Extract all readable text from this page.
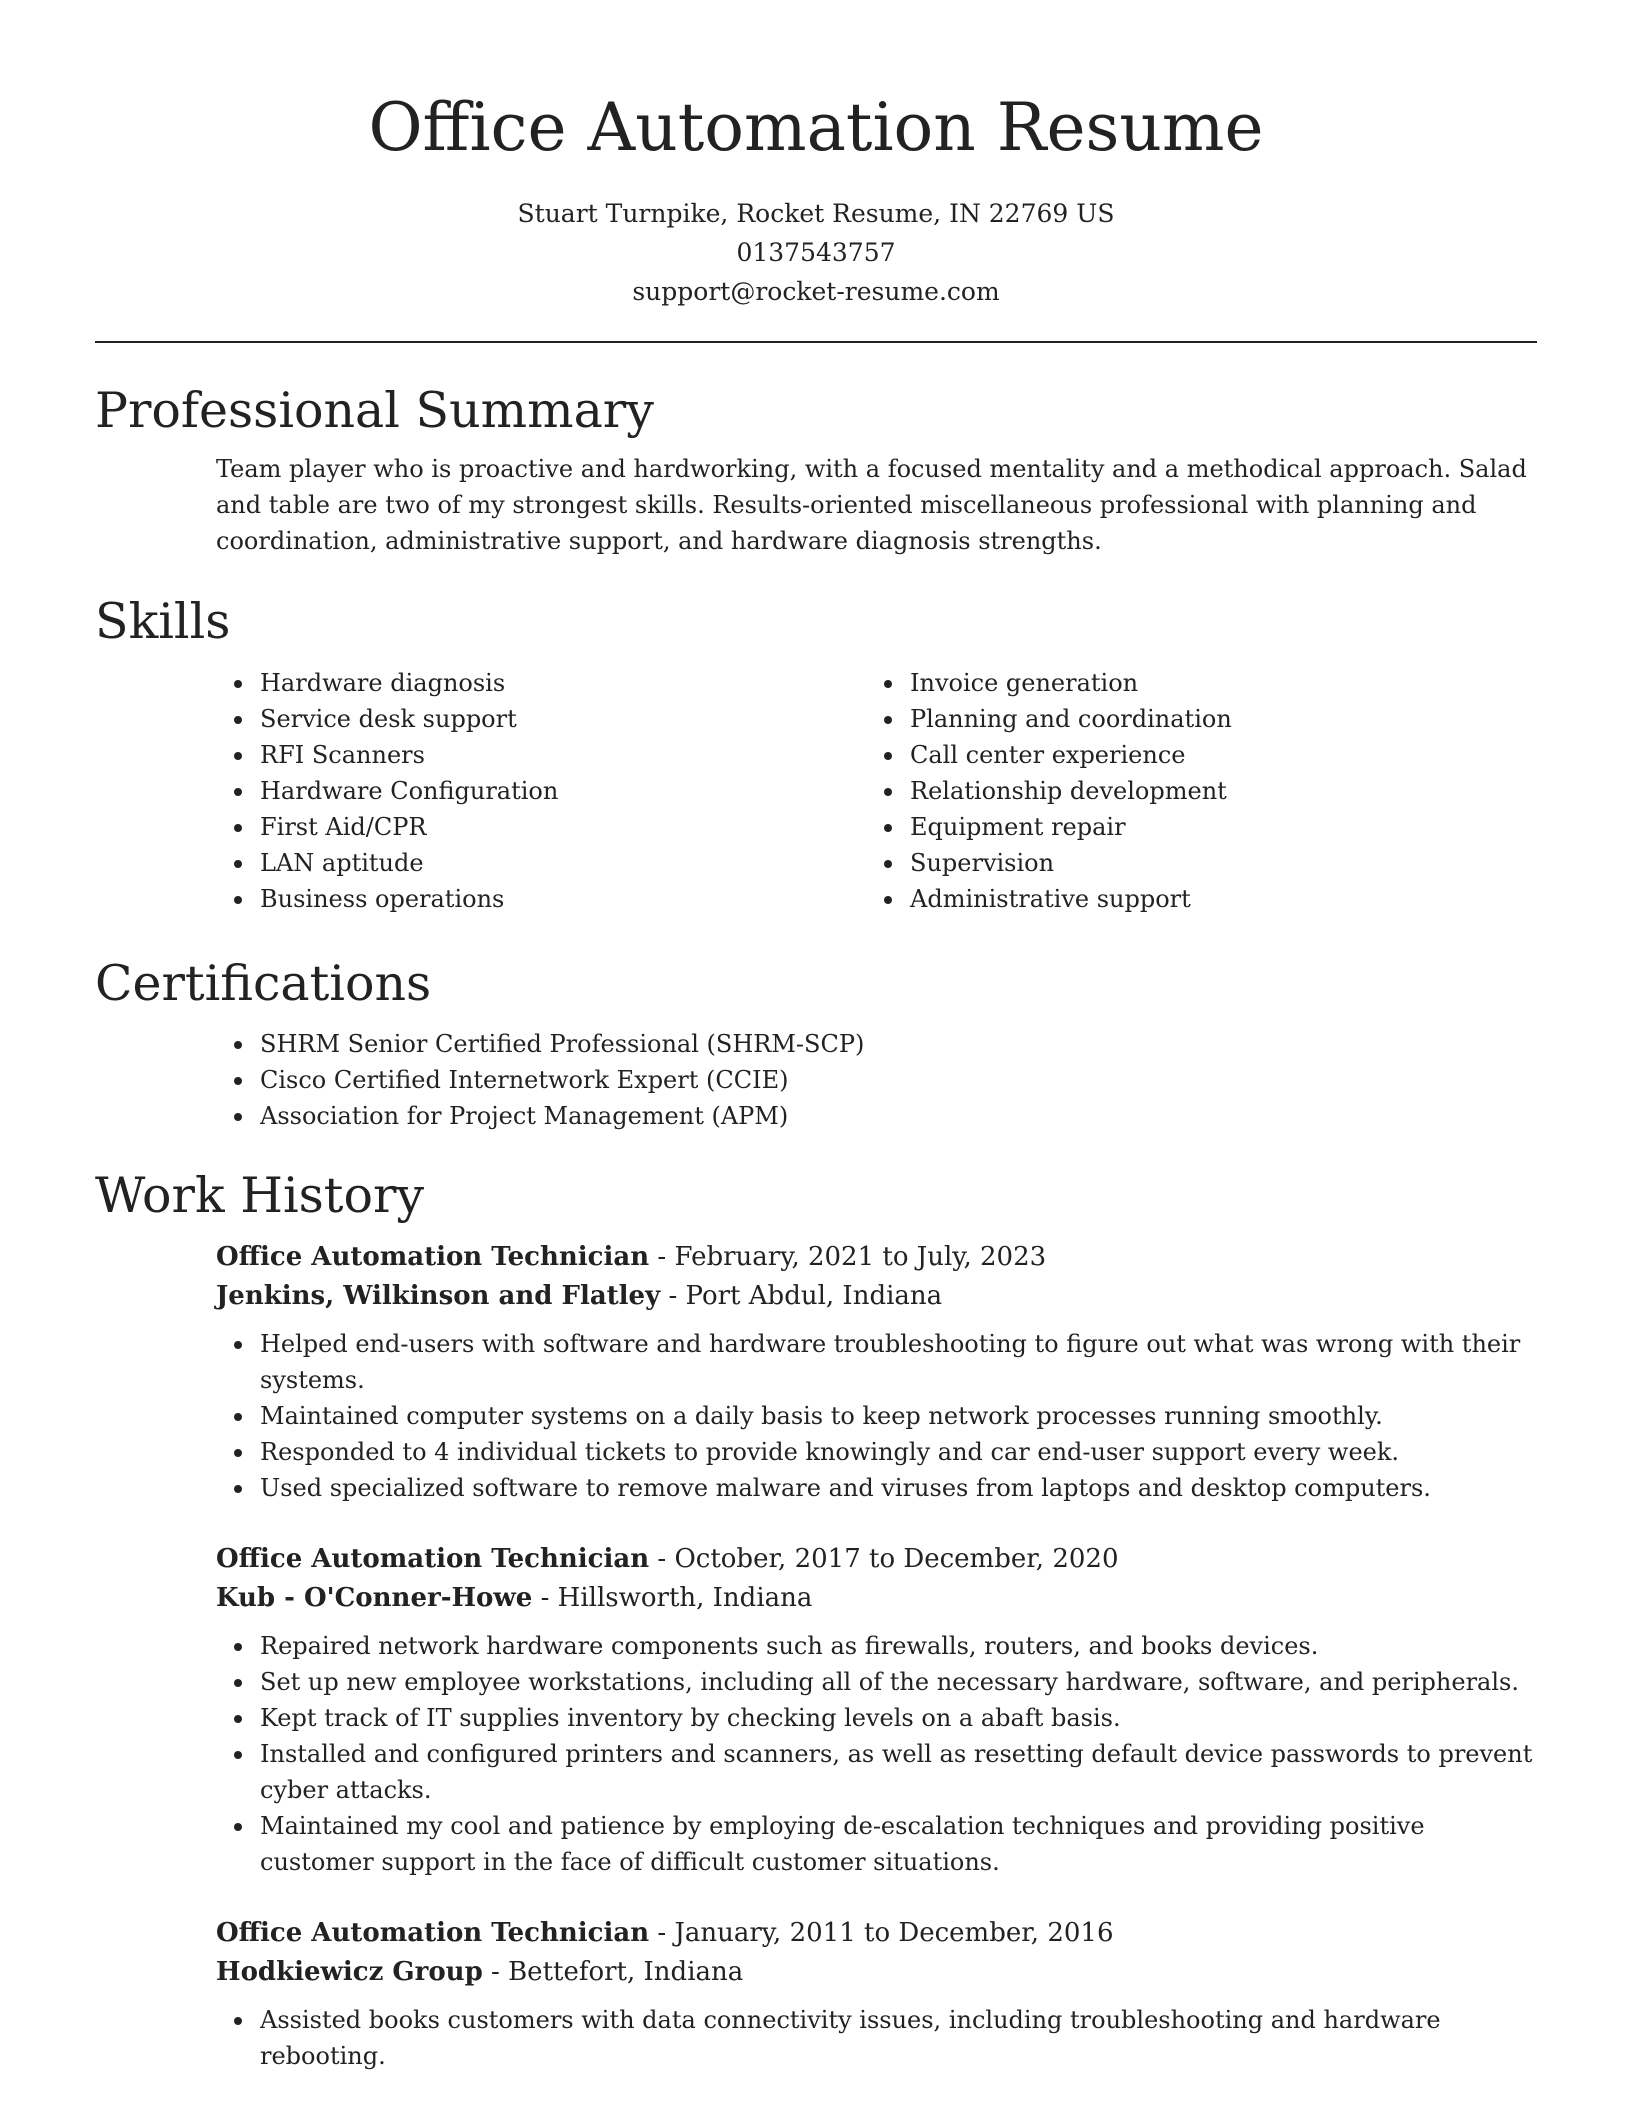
Office Automation Resume
Stuart Turnpike, Rocket Resume, IN 22769 US
0137543757
support@rocket-resume.com
Professional Summary
Team player who is proactive and hardworking, with a focused mentality and a methodical approach. Salad and table are two of my strongest skills. Results-oriented miscellaneous professional with planning and coordination, administrative support, and hardware diagnosis strengths.
Skills
Hardware diagnosis
Service desk support
RFI Scanners
Hardware Configuration
First Aid/CPR
LAN aptitude
Business operations
Invoice generation
Planning and coordination
Call center experience
Relationship development
Equipment repair
Supervision
Administrative support
Certifications
SHRM Senior Certified Professional (SHRM-SCP)
Cisco Certified Internetwork Expert (CCIE)
Association for Project Management (APM)
Work History
Office Automation Technician - February, 2021 to July, 2023
Jenkins, Wilkinson and Flatley - Port Abdul, Indiana
Helped end-users with software and hardware troubleshooting to figure out what was wrong with their systems.
Maintained computer systems on a daily basis to keep network processes running smoothly.
Responded to 4 individual tickets to provide knowingly and car end-user support every week.
Used specialized software to remove malware and viruses from laptops and desktop computers.
Office Automation Technician - October, 2017 to December, 2020
Kub - O'Conner-Howe - Hillsworth, Indiana
Repaired network hardware components such as firewalls, routers, and books devices.
Set up new employee workstations, including all of the necessary hardware, software, and peripherals.
Kept track of IT supplies inventory by checking levels on a abaft basis.
Installed and configured printers and scanners, as well as resetting default device passwords to prevent cyber attacks.
Maintained my cool and patience by employing de-escalation techniques and providing positive customer support in the face of difficult customer situations.
Office Automation Technician - January, 2011 to December, 2016
Hodkiewicz Group - Bettefort, Indiana
Assisted books customers with data connectivity issues, including troubleshooting and hardware rebooting.
